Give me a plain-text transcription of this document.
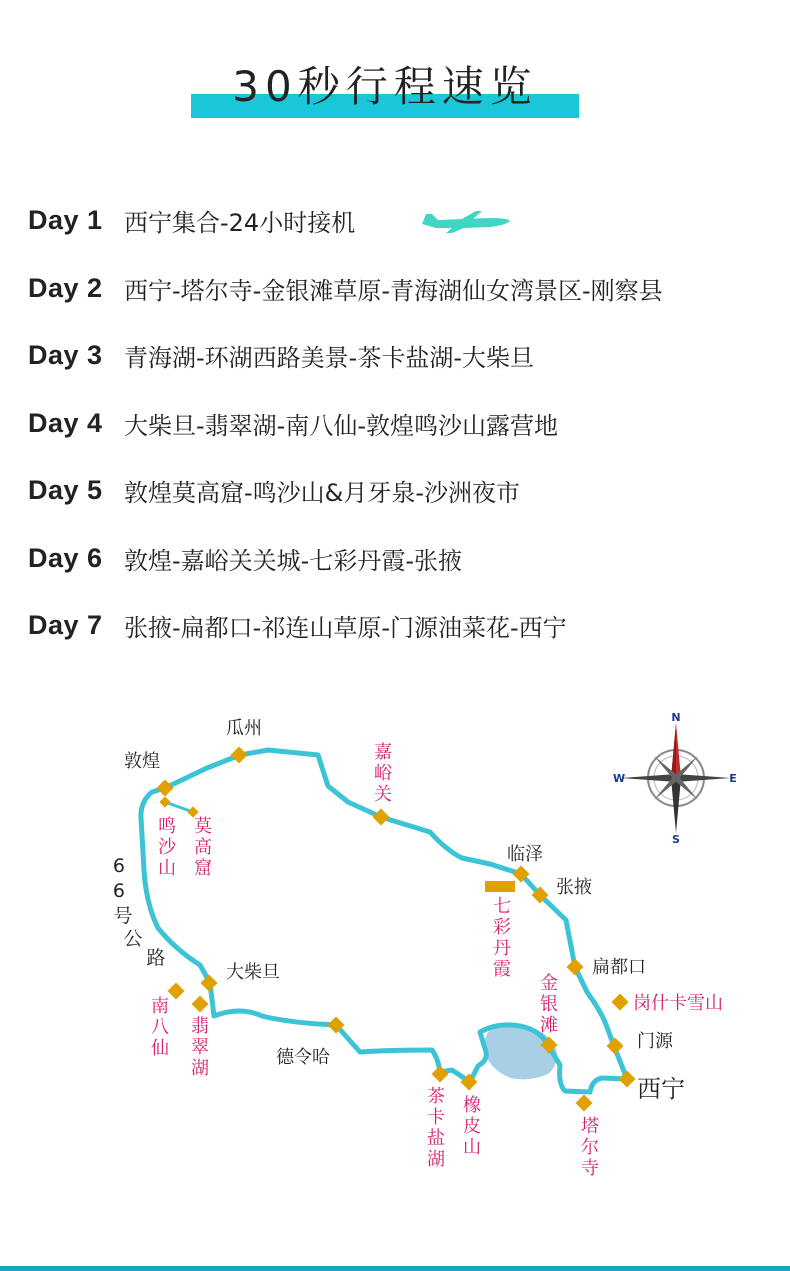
30秒行程速览
Day 1 西宁集合-24小时接机
Day 2 西宁-塔尔寺-金银滩草原-青海湖仙女湾景区-刚察县
Day 3 青海湖-环湖西路美景-茶卡盐湖-大柴旦
Day 4 大柴旦-翡翠湖-南八仙-敦煌鸣沙山露营地
Day 5 敦煌莫高窟-鸣沙山&月牙泉-沙洲夜市
Day 6 敦煌-嘉峪关关城-七彩丹霞-张掖
Day 7 张掖-扁都口-祁连山草原-门源油菜花-西宁
瓜州
敦煌
临泽
张掖
大柴旦	扁都口
门源
德令哈
西宁
6 6 号 公 路
嘉峪关
鸣沙山
莫高窟
七彩丹霞
金银滩
南八仙
翡翠湖
茶卡盐湖
橡皮山
塔尔寺
岗什卡雪山
N
S
W	E
